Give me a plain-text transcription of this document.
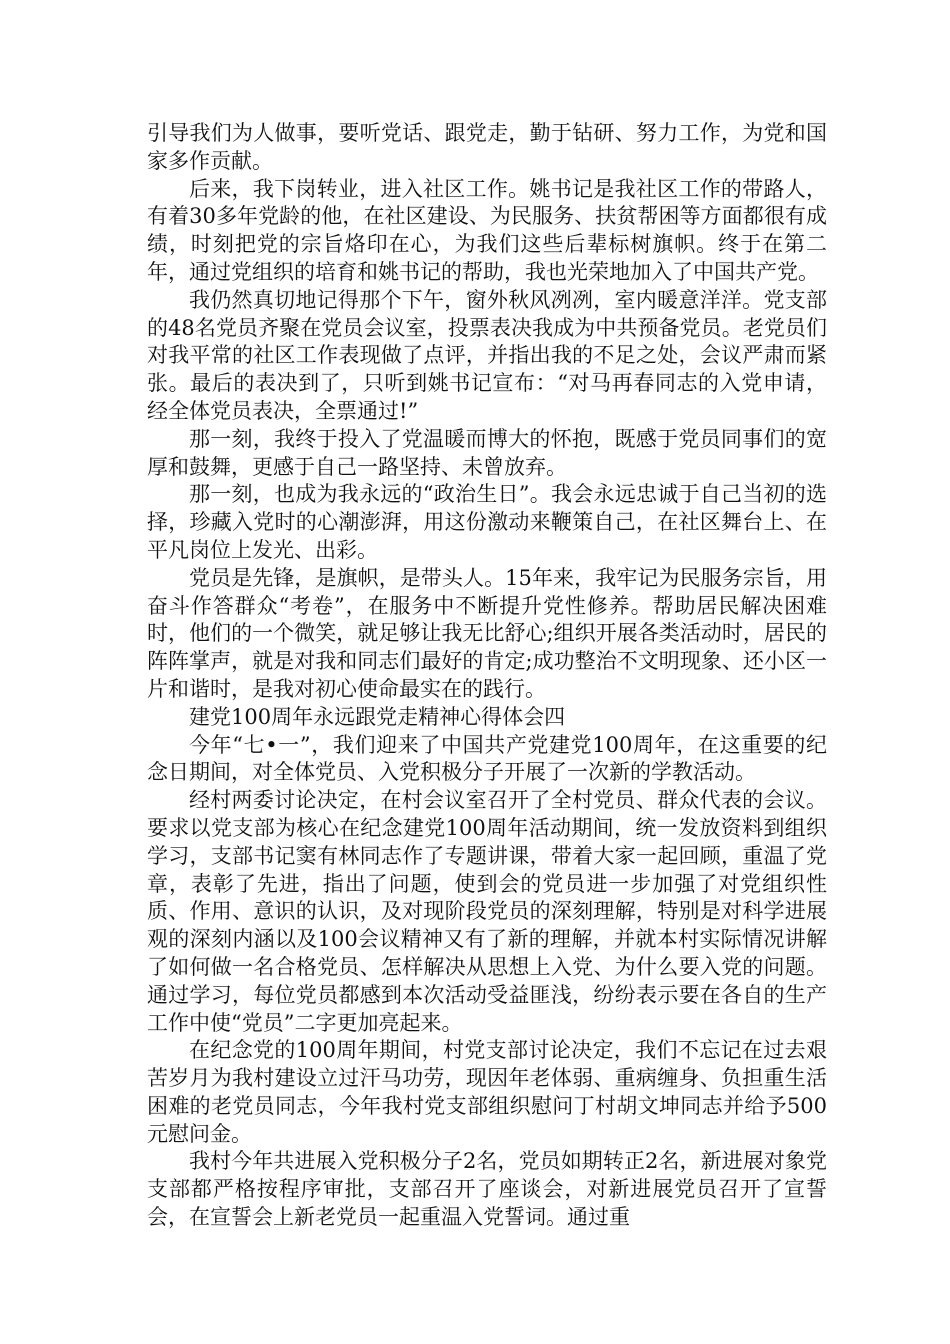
引导我们为人做事，要听党话、跟党走，勤于钻研、努力工作，为党和国家多作贡献。

后来，我下岗转业，进入社区工作。姚书记是我社区工作的带路人，有着30多年党龄的他，在社区建设、为民服务、扶贫帮困等方面都很有成绩，时刻把党的宗旨烙印在心，为我们这些后辈标树旗帜。终于在第二年，通过党组织的培育和姚书记的帮助，我也光荣地加入了中国共产党。

我仍然真切地记得那个下午，窗外秋风冽冽，室内暖意洋洋。党支部的48名党员齐聚在党员会议室，投票表决我成为中共预备党员。老党员们对我平常的社区工作表现做了点评，并指出我的不足之处，会议严肃而紧张。最后的表决到了，只听到姚书记宣布：“对马再春同志的入党申请，经全体党员表决，全票通过!”

那一刻，我终于投入了党温暖而博大的怀抱，既感于党员同事们的宽厚和鼓舞，更感于自己一路坚持、未曾放弃。

那一刻，也成为我永远的“政治生日”。我会永远忠诚于自己当初的选择，珍藏入党时的心潮澎湃，用这份激动来鞭策自己，在社区舞台上、在平凡岗位上发光、出彩。

党员是先锋，是旗帜，是带头人。15年来，我牢记为民服务宗旨，用奋斗作答群众“考卷”，在服务中不断提升党性修养。帮助居民解决困难时，他们的一个微笑，就足够让我无比舒心;组织开展各类活动时，居民的阵阵掌声，就是对我和同志们最好的肯定;成功整治不文明现象、还小区一片和谐时，是我对初心使命最实在的践行。

建党100周年永远跟党走精神心得体会四

今年“七•一”，我们迎来了中国共产党建党100周年，在这重要的纪念日期间，对全体党员、入党积极分子开展了一次新的学教活动。

经村两委讨论决定，在村会议室召开了全村党员、群众代表的会议。要求以党支部为核心在纪念建党100周年活动期间，统一发放资料到组织学习，支部书记窦有林同志作了专题讲课，带着大家一起回顾，重温了党章，表彰了先进，指出了问题，使到会的党员进一步加强了对党组织性质、作用、意识的认识，及对现阶段党员的深刻理解，特别是对科学进展观的深刻内涵以及100会议精神又有了新的理解，并就本村实际情况讲解了如何做一名合格党员、怎样解决从思想上入党、为什么要入党的问题。通过学习，每位党员都感到本次活动受益匪浅，纷纷表示要在各自的生产工作中使“党员”二字更加亮起来。

在纪念党的100周年期间，村党支部讨论决定，我们不忘记在过去艰苦岁月为我村建设立过汗马功劳，现因年老体弱、重病缠身、负担重生活困难的老党员同志，今年我村党支部组织慰问丁村胡文坤同志并给予500元慰问金。

我村今年共进展入党积极分子2名，党员如期转正2名，新进展对象党支部都严格按程序审批，支部召开了座谈会，对新进展党员召开了宣誓会，在宣誓会上新老党员一起重温入党誓词。通过重
